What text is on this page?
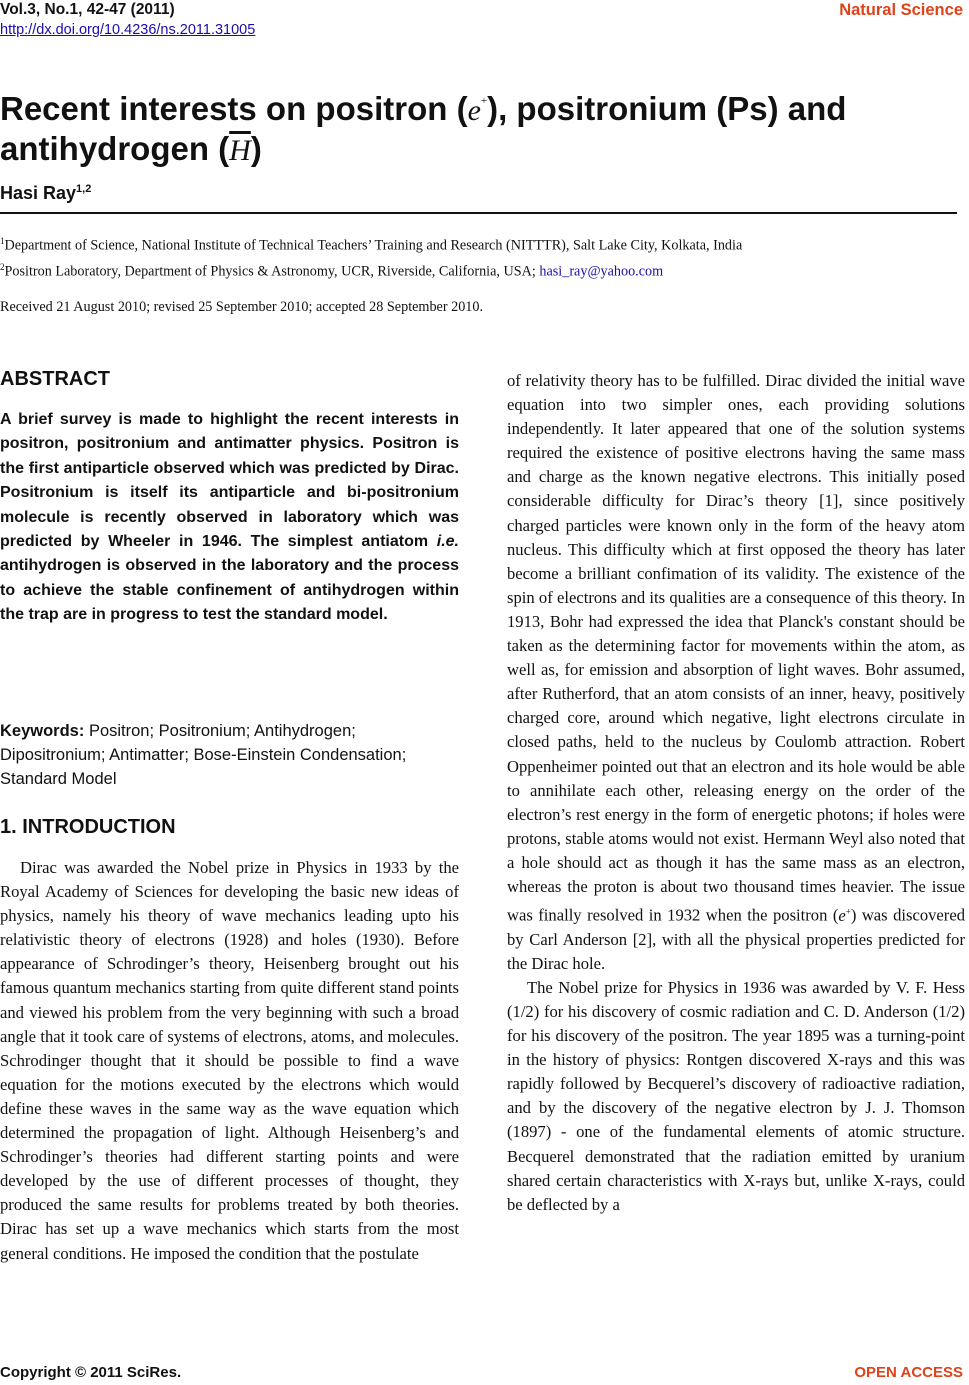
Vol.3, No.1, 42-47 (2011)
http://dx.doi.org/10.4236/ns.2011.31005
Natural Science
Recent interests on positron (e+), positronium (Ps) and antihydrogen (H)
Hasi Ray$^{1,2}$
$^1$Department of Science, National Institute of Technical Teachers’ Training and Research (NITTTR), Salt Lake City, Kolkata, India
$^2$Positron Laboratory, Department of Physics & Astronomy, UCR, Riverside, California, USA; hasi_ray@yahoo.com
Received 21 August 2010; revised 25 September 2010; accepted 28 September 2010.
ABSTRACT

A brief survey is made to highlight the recent interests in positron, positronium and antimatter physics. Positron is the first antiparticle observed which was predicted by Dirac. Positronium is itself its antiparticle and bi-positronium molecule is recently observed in laboratory which was predicted by Wheeler in 1946. The simplest antiatom i.e. antihydrogen is observed in the laboratory and the process to achieve the stable confinement of antihydrogen within the trap are in progress to test the standard model.

Keywords: Positron; Positronium; Antihydrogen; Dipositronium; Antimatter; Bose-Einstein Condensation; Standard Model

1. INTRODUCTION

Dirac was awarded the Nobel prize in Physics in 1933 by the Royal Academy of Sciences for developing the basic new ideas of physics, namely his theory of wave mechanics leading upto his relativistic theory of electrons (1928) and holes (1930). Before appearance of Schrodinger’s theory, Heisenberg brought out his famous quantum mechanics starting from quite different stand points and viewed his problem from the very beginning with such a broad angle that it took care of systems of electrons, atoms, and molecules. Schrodinger thought that it should be possible to find a wave equation for the motions executed by the electrons which would define these waves in the same way as the wave equation which determined the propagation of light. Although Heisenberg’s and Schrodinger’s theories had different starting points and were developed by the use of different processes of thought, they produced the same results for problems treated by both theories. Dirac has set up a wave mechanics which starts from the most general conditions. He imposed the condition that the postulate

of relativity theory has to be fulfilled. Dirac divided the initial wave equation into two simpler ones, each providing solutions independently. It later appeared that one of the solution systems required the existence of positive electrons having the same mass and charge as the known negative electrons. This initially posed considerable difficulty for Dirac’s theory [1], since positively charged particles were known only in the form of the heavy atom nucleus. This difficulty which at first opposed the theory has later become a brilliant confimation of its validity. The existence of the spin of electrons and its qualities are a consequence of this theory. In 1913, Bohr had expressed the idea that Planck's constant should be taken as the determining factor for movements within the atom, as well as, for emission and absorption of light waves. Bohr assumed, after Rutherford, that an atom consists of an inner, heavy, positively charged core, around which negative, light electrons circulate in closed paths, held to the nucleus by Coulomb attraction. Robert Oppenheimer pointed out that an electron and its hole would be able to annihilate each other, releasing energy on the order of the electron’s rest energy in the form of energetic photons; if holes were protons, stable atoms would not exist. Hermann Weyl also noted that a hole should act as though it has the same mass as an electron, whereas the proton is about two thousand times heavier. The issue was finally resolved in 1932 when the positron (e+) was discovered by Carl Anderson [2], with all the physical properties predicted for the Dirac hole.
The Nobel prize for Physics in 1936 was awarded by V. F. Hess (1/2) for his discovery of cosmic radiation and C. D. Anderson (1/2) for his discovery of the positron. The year 1895 was a turning-point in the history of physics: Rontgen discovered X-rays and this was rapidly followed by Becquerel’s discovery of radioactive radiation, and by the discovery of the negative electron by J. J. Thomson (1897) - one of the fundamental elements of atomic structure. Becquerel demonstrated that the radiation emitted by uranium shared certain characteristics with X-rays but, unlike X-rays, could be deflected by a

Copyright © 2011 SciRes.	OPEN ACCESS
